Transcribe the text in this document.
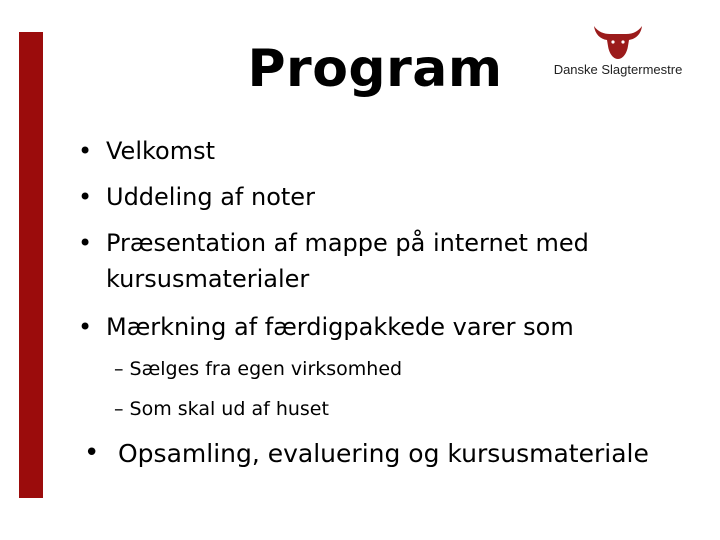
Program	Danske Slagtermestre
• Velkomst
• Uddeling af noter
• Præsentation af mappe på internet med
kursusmaterialer
• Mærkning af færdigpakkede varer som
– Sælges fra egen virksomhed
– Som skal ud af huset
• Opsamling, evaluering og kursusmateriale
